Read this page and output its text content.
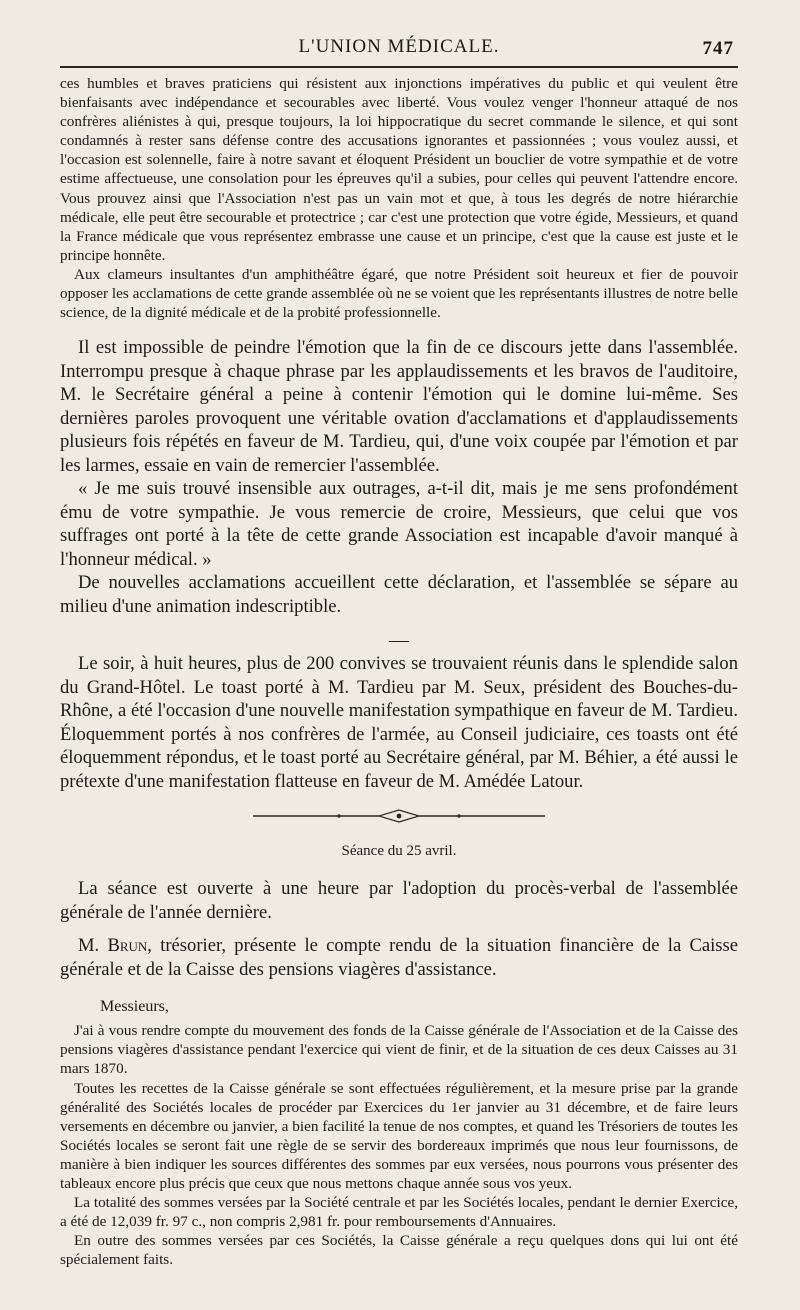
L'UNION MÉDICALE.	747

ces humbles et braves praticiens qui résistent aux injonctions impératives du public et qui veulent être bienfaisants avec indépendance et secourables avec liberté. Vous voulez venger l'honneur attaqué de nos confrères aliénistes à qui, presque toujours, la loi hippocratique du secret commande le silence, et qui sont condamnés à rester sans défense contre des accusations ignorantes et passionnées ; vous voulez aussi, et l'occasion est solennelle, faire à notre savant et éloquent Président un bouclier de votre sympathie et de votre estime affectueuse, une consolation pour les épreuves qu'il a subies, pour celles qui peuvent l'attendre encore. Vous prouvez ainsi que l'Association n'est pas un vain mot et que, à tous les degrés de notre hiérarchie médicale, elle peut être secourable et protectrice ; car c'est une protection que votre égide, Messieurs, et quand la France médicale que vous représentez embrasse une cause et un principe, c'est que la cause est juste et le principe honnête.

Aux clameurs insultantes d'un amphithéâtre égaré, que notre Président soit heureux et fier de pouvoir opposer les acclamations de cette grande assemblée où ne se voient que les représentants illustres de notre belle science, de la dignité médicale et de la probité professionnelle.

Il est impossible de peindre l'émotion que la fin de ce discours jette dans l'assemblée. Interrompu presque à chaque phrase par les applaudissements et les bravos de l'auditoire, M. le Secrétaire général a peine à contenir l'émotion qui le domine lui-même. Ses dernières paroles provoquent une véritable ovation d'acclamations et d'applaudissements plusieurs fois répétés en faveur de M. Tardieu, qui, d'une voix coupée par l'émotion et par les larmes, essaie en vain de remercier l'assemblée.

« Je me suis trouvé insensible aux outrages, a-t-il dit, mais je me sens profondément ému de votre sympathie. Je vous remercie de croire, Messieurs, que celui que vos suffrages ont porté à la tête de cette grande Association est incapable d'avoir manqué à l'honneur médical. »

De nouvelles acclamations accueillent cette déclaration, et l'assemblée se sépare au milieu d'une animation indescriptible.

—

Le soir, à huit heures, plus de 200 convives se trouvaient réunis dans le splendide salon du Grand-Hôtel. Le toast porté à M. Tardieu par M. Seux, président des Bouches-du-Rhône, a été l'occasion d'une nouvelle manifestation sympathique en faveur de M. Tardieu. Éloquemment portés à nos confrères de l'armée, au Conseil judiciaire, ces toasts ont été éloquemment répondus, et le toast porté au Secrétaire général, par M. Béhier, a été aussi le prétexte d'une manifestation flatteuse en faveur de M. Amédée Latour.

Séance du 25 avril.

La séance est ouverte à une heure par l'adoption du procès-verbal de l'assemblée générale de l'année dernière.

M. Brun, trésorier, présente le compte rendu de la situation financière de la Caisse générale et de la Caisse des pensions viagères d'assistance.

Messieurs,

J'ai à vous rendre compte du mouvement des fonds de la Caisse générale de l'Association et de la Caisse des pensions viagères d'assistance pendant l'exercice qui vient de finir, et de la situation de ces deux Caisses au 31 mars 1870.

Toutes les recettes de la Caisse générale se sont effectuées régulièrement, et la mesure prise par la grande généralité des Sociétés locales de procéder par Exercices du 1er janvier au 31 décembre, et de faire leurs versements en décembre ou janvier, a bien facilité la tenue de nos comptes, et quand les Trésoriers de toutes les Sociétés locales se seront fait une règle de se servir des bordereaux imprimés que nous leur fournissons, de manière à bien indiquer les sources différentes des sommes par eux versées, nous pourrons vous présenter des tableaux encore plus précis que ceux que nous mettons chaque année sous vos yeux.

La totalité des sommes versées par la Société centrale et par les Sociétés locales, pendant le dernier Exercice, a été de 12,039 fr. 97 c., non compris 2,981 fr. pour remboursements d'Annuaires.

En outre des sommes versées par ces Sociétés, la Caisse générale a reçu quelques dons qui lui ont été spécialement faits.
